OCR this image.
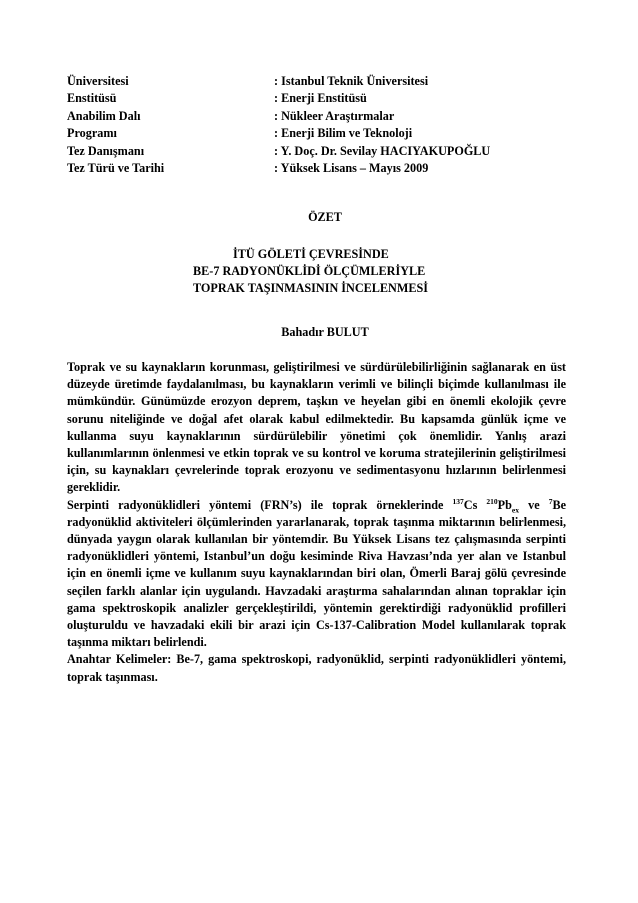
Üniversitesi	: Istanbul Teknik Üniversitesi
Enstitüsü	: Enerji Enstitüsü
Anabilim Dalı	: Nükleer Araştırmalar
Programı	: Enerji Bilim ve Teknoloji
Tez Danışmanı	: Y. Doç. Dr. Sevilay HACIYAKUPOĞLU
Tez Türü ve Tarihi	: Yüksek Lisans – Mayıs 2009
ÖZET
İTÜ GÖLETİ ÇEVRESİNDE
BE-7 RADYONÜKLİDİ ÖLÇÜMLERİYLE
TOPRAK TAŞINMASININ İNCELENMESİ
Bahadır BULUT

Toprak ve su kaynakların korunması, geliştirilmesi ve sürdürülebilirliğinin sağlanarak en üst düzeyde üretimde faydalanılması, bu kaynakların verimli ve bilinçli biçimde kullanılması ile mümkündür. Günümüzde erozyon deprem, taşkın ve heyelan gibi en önemli ekolojik çevre sorunu niteliğinde ve doğal afet olarak kabul edilmektedir. Bu kapsamda günlük içme ve kullanma suyu kaynaklarının sürdürülebilir yönetimi çok önemlidir. Yanlış arazi kullanımlarının önlenmesi ve etkin toprak ve su kontrol ve koruma stratejilerinin geliştirilmesi için, su kaynakları çevrelerinde toprak erozyonu ve sedimentasyonu hızlarının belirlenmesi gereklidir.

Serpinti radyonüklidleri yöntemi (FRN’s) ile toprak örneklerinde $^{137}$Cs $^{210}Pb_{ex}$ ve $^7$Be radyonüklid aktiviteleri ölçümlerinden yararlanarak, toprak taşınma miktarının belirlenmesi, dünyada yaygın olarak kullanılan bir yöntemdir. Bu Yüksek Lisans tez çalışmasında serpinti radyonüklidleri yöntemi, Istanbul’un doğu kesiminde Riva Havzası’nda yer alan ve Istanbul için en önemli içme ve kullanım suyu kaynaklarından biri olan, Ömerli Baraj gölü çevresinde seçilen farklı alanlar için uygulandı. Havzadaki araştırma sahalarından alınan topraklar için gama spektroskopik analizler gerçekleştirildi, yöntemin gerektirdiği radyonüklid profilleri oluşturuldu ve havzadaki ekili bir arazi için Cs-137-Calibration Model kullanılarak toprak taşınma miktarı belirlendi.

Anahtar Kelimeler: Be-7, gama spektroskopi, radyonüklid, serpinti radyonüklidleri yöntemi, toprak taşınması.
